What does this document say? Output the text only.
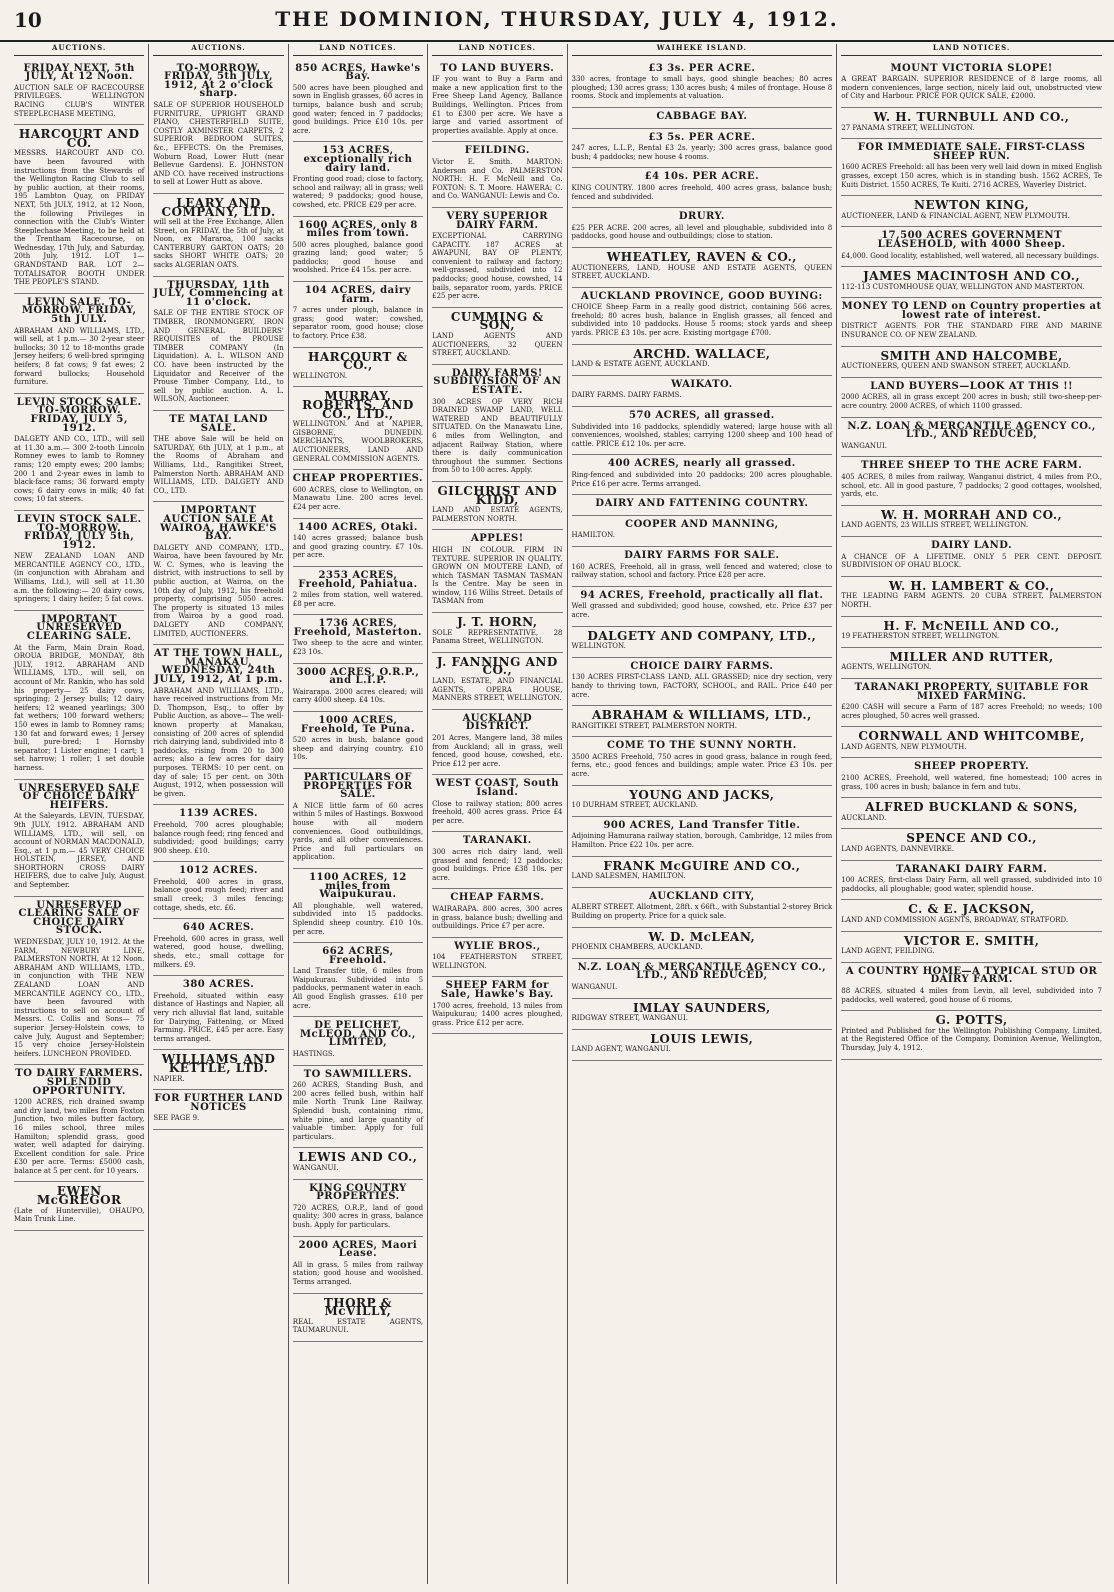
10	THE DOMINION, THURSDAY, JULY 4, 1912.
AUCTIONS.
FRIDAY NEXT, 5th JULY, At 12 Noon.

AUCTION SALE OF RACECOURSE PRIVILEGES. WELLINGTON RACING CLUB'S WINTER STEEPLECHASE MEETING.

HARCOURT AND CO.

MESSRS. HARCOURT AND CO. have been favoured with instructions from the Stewards of the Wellington Racing Club to sell by public auction, at their rooms, 195 Lambton Quay, on FRIDAY NEXT, 5th JULY, 1912, at 12 Noon, the following Privileges in connection with the Club's Winter Steeplechase Meeting, to be held at the Trentham Racecourse, on Wednesday, 17th July, and Saturday, 20th July, 1912. LOT 1—GRANDSTAND BAR. LOT 2—TOTALISATOR BOOTH UNDER THE PEOPLE'S STAND.

LEVIN SALE. TO-MORROW. FRIDAY, 5th JULY.

ABRAHAM AND WILLIAMS, LTD., will sell, at 1 p.m.— 30 2-year steer bullocks; 30 12 to 18-months grade Jersey heifers; 6 well-bred springing heifers; 8 fat cows; 9 fat ewes; 2 forward bullocks; Household furniture.

LEVIN STOCK SALE. TO-MORROW. FRIDAY, JULY 5, 1912.

DALGETY AND CO., LTD., will sell at 11.30 a.m.— 300 2-tooth Lincoln Romney ewes to lamb to Romney rams; 120 empty ewes; 200 lambs; 200 1 and 2-year ewes in lamb to black-face rams; 36 forward empty cows; 6 dairy cows in milk; 40 fat cows; 10 fat steers.

LEVIN STOCK SALE. TO-MORROW. FRIDAY, JULY 5th, 1912.

NEW ZEALAND LOAN AND MERCANTILE AGENCY CO., LTD., (in conjunction with Abraham and Williams, Ltd.), will sell at 11.30 a.m. the following:— 20 dairy cows, springers; 1 dairy heifer; 5 fat cows.

IMPORTANT UNRESERVED CLEARING SALE.

At the Farm, Main Drain Road, OROUA BRIDGE, MONDAY, 8th JULY, 1912. ABRAHAM AND WILLIAMS, LTD., will sell, on account of Mr. Rankin, who has sold his property— 25 dairy cows, springing; 2 Jersey bulls; 12 dairy heifers; 12 weaned yearlings; 300 fat wethers; 100 forward wethers; 150 ewes in lamb to Romney rams; 130 fat and forward ewes; 1 Jersey bull, pure-bred; 1 Hornsby separator; 1 Lister engine; 1 cart; 1 set harrow; 1 roller; 1 set double harness.

UNRESERVED SALE OF CHOICE DAIRY HEIFERS.

At the Saleyards, LEVIN, TUESDAY, 9th JULY, 1912. ABRAHAM AND WILLIAMS, LTD., will sell, on account of NORMAN MACDONALD, Esq., at 1 p.m.— 45 VERY CHOICE HOLSTEIN, JERSEY, AND SHORTHORN CROSS DAIRY HEIFERS, due to calve July, August and September.

UNRESERVED CLEARING SALE OF CHOICE DAIRY STOCK.

WEDNESDAY, JULY 10, 1912. At the FARM, NEWBURY LINE, PALMERSTON NORTH, At 12 Noon. ABRAHAM AND WILLIAMS, LTD., in conjunction with THE NEW ZEALAND LOAN AND MERCANTILE AGENCY CO., LTD., have been favoured with instructions to sell on account of Messrs. C. Collis and Sons— 75 superior Jersey-Holstein cows, to calve July, August and September; 15 very choice Jersey-Holstein heifers. LUNCHEON PROVIDED.

TO DAIRY FARMERS. SPLENDID OPPORTUNITY.

1200 ACRES, rich drained swamp and dry land, two miles from Foxton Junction, two miles butter factory, 16 miles school, three miles Hamilton; splendid grass, good water, well adapted for dairying. Excellent condition for sale. Price £30 per acre. Terms: £5000 cash, balance at 5 per cent. for 10 years.

EWEN McGREGOR

(Late of Hunterville), OHAUPO, Main Trunk Line.

AUCTIONS.
TO-MORROW, FRIDAY, 5th JULY, 1912, At 2 o'clock sharp.

SALE OF SUPERIOR HOUSEHOLD FURNITURE, UPRIGHT GRAND PIANO, CHESTERFIELD SUITE, COSTLY AXMINSTER CARPETS, 2 SUPERIOR BEDROOM SUITES, &c., EFFECTS. On the Premises, Woburn Road, Lower Hutt (near Bellevue Gardens). E. JOHNSTON AND CO. have received instructions to sell at Lower Hutt as above.

LEARY AND COMPANY, LTD.

will sell at the Free Exchange, Allen Street, on FRIDAY, the 5th of July, at Noon, ex Mararoa, 100 sacks CANTERBURY GARTON OATS; 20 sacks SHORT WHITE OATS; 20 sacks ALGERIAN OATS.

THURSDAY, 11th JULY, Commencing at 11 o'clock.

SALE OF THE ENTIRE STOCK OF TIMBER, IRONMONGERY, IRON AND GENERAL BUILDERS' REQUISITES of the PROUSE TIMBER COMPANY (In Liquidation). A. L. WILSON AND CO. have been instructed by the Liquidator and Receiver of the Prouse Timber Company, Ltd., to sell by public auction. A. L. WILSON, Auctioneer.

TE MATAI LAND SALE.

THE above Sale will be held on SATURDAY, 6th JULY, at 1 p.m., at the Rooms of Abraham and Williams, Ltd., Rangitikei Street, Palmerston North. ABRAHAM AND WILLIAMS, LTD. DALGETY AND CO., LTD.

IMPORTANT AUCTION SALE At WAIROA, HAWKE'S BAY.

DALGETY AND COMPANY, LTD., Wairoa, have been favoured by Mr. W. C. Symes, who is leaving the district, with instructions to sell by public auction, at Wairoa, on the 10th day of July, 1912, his freehold property, comprising 5050 acres. The property is situated 13 miles from Wairoa by a good road. DALGETY AND COMPANY, LIMITED, AUCTIONEERS.

AT THE TOWN HALL, MANAKAU, WEDNESDAY, 24th JULY, 1912, At 1 p.m.

ABRAHAM AND WILLIAMS, LTD., have received instructions from Mr. D. Thompson, Esq., to offer by Public Auction, as above— The well-known property at Manakau, consisting of 200 acres of splendid rich dairying land, subdivided into 8 paddocks, rising from 20 to 300 acres; also a few acres for dairy purposes. TERMS: 10 per cent. on day of sale; 15 per cent. on 30th August, 1912, when possession will be given.

1139 ACRES.

Freehold, 700 acres ploughable; balance rough feed; ring fenced and subdivided; good buildings; carry 900 sheep. £10.

1012 ACRES.

Freehold, 400 acres in grass, balance good rough feed; river and small creek; 3 miles fencing; cottage, sheds, etc. £6.

640 ACRES.

Freehold, 600 acres in grass, well watered, good house, dwelling, sheds, etc.; small cottage for milkers. £9.

380 ACRES.

Freehold, situated within easy distance of Hastings and Napier, all very rich alluvial flat land, suitable for Dairying, Fattening, or Mixed Farming. PRICE, £45 per acre. Easy terms arranged.

WILLIAMS AND KETTLE, LTD.

NAPIER.

FOR FURTHER LAND NOTICES

SEE PAGE 9.

LAND NOTICES.
850 ACRES, Hawke's Bay.

500 acres have been ploughed and sown in English grasses, 60 acres in turnips, balance bush and scrub; good water; fenced in 7 paddocks; good buildings. Price £10 10s. per acre.

153 ACRES, exceptionally rich dairy land.

Fronting good road; close to factory, school and railway; all in grass; well watered; 9 paddocks; good house, cowshed, etc. PRICE £29 per acre.

1600 ACRES, only 8 miles from town.

500 acres ploughed, balance good grazing land; good water; 5 paddocks; good house and woolshed. Price £4 15s. per acre.

104 ACRES, dairy farm.

7 acres under plough, balance in grass; good water; cowshed, separator room, good house; close to factory. Price £38.

HARCOURT & CO.,

WELLINGTON.

MURRAY, ROBERTS, AND CO., LTD.,

WELLINGTON. And at NAPIER, GISBORNE, DUNEDIN. MERCHANTS, WOOLBROKERS, AUCTIONEERS, LAND AND GENERAL COMMISSION AGENTS.

CHEAP PROPERTIES.

600 ACRES, close to Wellington, on Manawatu Line. 200 acres level. £24 per acre.

1400 ACRES, Otaki.

140 acres grassed; balance bush and good grazing country. £7 10s. per acre.

2353 ACRES, Freehold, Pahiatua.

2 miles from station, well watered. £8 per acre.

1736 ACRES, Freehold, Masterton.

Two sheep to the acre and winter. £23 10s.

3000 ACRES, O.R.P., and L.I.P.

Wairarapa. 2000 acres cleared; will carry 4000 sheep. £4 10s.

1000 ACRES, Freehold, Te Puna.

520 acres in bush, balance good sheep and dairying country. £10 10s.

PARTICULARS OF PROPERTIES FOR SALE.

A NICE little farm of 60 acres within 5 miles of Hastings. Boxwood house with all modern conveniences. Good outbuildings, yards, and all other conveniences. Price and full particulars on application.

1100 ACRES, 12 miles from Waipukurau.

All ploughable, well watered, subdivided into 15 paddocks. Splendid sheep country. £10 10s. per acre.

662 ACRES, Freehold.

Land Transfer title, 6 miles from Waipukurau. Subdivided into 5 paddocks, permanent water in each. All good English grasses. £10 per acre.

DE PELICHET, McLEOD, AND CO., LIMITED,

HASTINGS.

TO SAWMILLERS.

260 ACRES, Standing Bush, and 200 acres felled bush, within half mile North Trunk Line Railway. Splendid bush, containing rimu, white pine, and large quantity of valuable timber. Apply for full particulars.

LEWIS AND CO.,

WANGANUI.

KING COUNTRY PROPERTIES.

720 ACRES, O.R.P., land of good quality; 300 acres in grass, balance bush. Apply for particulars.

2000 ACRES, Maori Lease.

All in grass, 5 miles from railway station; good house and woolshed. Terms arranged.

THORP & McVILLY,

REAL ESTATE AGENTS, TAUMARUNUI.

LAND NOTICES.
TO LAND BUYERS.

IF you want to Buy a Farm and make a new application first to the Free Sheep Land Agency, Ballance Buildings, Wellington. Prices from £1 to £300 per acre. We have a large and varied assortment of properties available. Apply at once.

FEILDING.

Victor E. Smith. MARTON: Anderson and Co. PALMERSTON NORTH: H. F. McNeill and Co. FOXTON: S. T. Moore. HAWERA: C. and Co. WANGANUI: Lewis and Co.

VERY SUPERIOR DAIRY FARM.

EXCEPTIONAL CARRYING CAPACITY. 187 ACRES at AWAPUNI, BAY OF PLENTY, convenient to railway and factory; well-grassed, subdivided into 12 paddocks; good house, cowshed, 14 bails, separator room, yards. PRICE £25 per acre.

CUMMING & SON,

LAND AGENTS AND AUCTIONEERS, 32 QUEEN STREET, AUCKLAND.

DAIRY FARMS! SUBDIVISION OF AN ESTATE.

300 ACRES OF VERY RICH DRAINED SWAMP LAND, WELL WATERED AND BEAUTIFULLY SITUATED. On the Manawatu Line, 6 miles from Wellington, and adjacent Railway Station, where there is daily communication throughout the summer. Sections from 50 to 100 acres. Apply.

GILCHRIST AND KIDD,

LAND AND ESTATE AGENTS, PALMERSTON NORTH.

APPLES!

HIGH IN COLOUR. FIRM IN TEXTURE. SUPERIOR IN QUALITY. GROWN ON MOUTERE LAND, of which TASMAN TASMAN TASMAN Is the Centre. May be seen in window, 116 Willis Street. Details of TASMAN from

J. T. HORN,

SOLE REPRESENTATIVE, 28 Panama Street, WELLINGTON.

J. FANNING AND CO.,

LAND, ESTATE, AND FINANCIAL AGENTS, OPERA HOUSE, MANNERS STREET, WELLINGTON.

AUCKLAND DISTRICT.

201 Acres, Mangere land, 38 miles from Auckland; all in grass, well fenced, good house, cowshed, etc. Price £12 per acre.

WEST COAST, South Island.

Close to railway station; 800 acres freehold, 400 acres grass. Price £4 per acre.

TARANAKI.

300 acres rich dairy land, well grassed and fenced; 12 paddocks; good buildings. Price £38 10s. per acre.

CHEAP FARMS.

WAIRARAPA. 800 acres, 300 acres in grass, balance bush; dwelling and outbuildings. Price £7 per acre.

WYLIE BROS.,

104 FEATHERSTON STREET, WELLINGTON.

SHEEP FARM for Sale, Hawke's Bay.

1700 acres, freehold, 13 miles from Waipukurau; 1400 acres ploughed, grass. Price £12 per acre.

WAIHEKE ISLAND.
£3 3s. PER ACRE.

330 acres, frontage to small bays, good shingle beaches; 80 acres ploughed; 130 acres grass; 130 acres bush; 4 miles of frontage. House 8 rooms. Stock and implements at valuation.

CABBAGE BAY.
£3 5s. PER ACRE.

247 acres, L.L.P., Rental £3 2s. yearly; 300 acres grass, balance good bush; 4 paddocks; new house 4 rooms.

£4 10s. PER ACRE.

KING COUNTRY. 1800 acres freehold, 400 acres grass, balance bush; fenced and subdivided.

DRURY.

£25 PER ACRE. 200 acres, all level and ploughable, subdivided into 8 paddocks, good house and outbuildings; close to station.

WHEATLEY, RAVEN & CO.,

AUCTIONEERS, LAND, HOUSE AND ESTATE AGENTS, QUEEN STREET, AUCKLAND.

AUCKLAND PROVINCE, GOOD BUYING:

CHOICE Sheep Farm in a really good district, containing 566 acres, freehold; 80 acres bush, balance in English grasses, all fenced and subdivided into 10 paddocks. House 5 rooms; stock yards and sheep yards. PRICE £3 10s. per acre. Existing mortgage £700.

ARCHD. WALLACE,

LAND & ESTATE AGENT, AUCKLAND.

WAIKATO.

DAIRY FARMS. DAIRY FARMS.

570 ACRES, all grassed.

Subdivided into 16 paddocks, splendidly watered; large house with all conveniences, woolshed, stables; carrying 1200 sheep and 100 head of cattle. PRICE £12 10s. per acre.

400 ACRES, nearly all grassed.

Ring-fenced and subdivided into 20 paddocks; 200 acres ploughable. Price £16 per acre. Terms arranged.

DAIRY AND FATTENING COUNTRY.
COOPER AND MANNING,

HAMILTON.

DAIRY FARMS FOR SALE.

160 ACRES, Freehold, all in grass, well fenced and watered; close to railway station, school and factory. Price £28 per acre.

94 ACRES, Freehold, practically all flat.

Well grassed and subdivided; good house, cowshed, etc. Price £37 per acre.

DALGETY AND COMPANY, LTD.,

WELLINGTON.

CHOICE DAIRY FARMS.

130 ACRES FIRST-CLASS LAND, ALL GRASSED; nice dry section, very handy to thriving town, FACTORY, SCHOOL, and RAIL. Price £40 per acre.

ABRAHAM & WILLIAMS, LTD.,

RANGITIKEI STREET, PALMERSTON NORTH.

COME TO THE SUNNY NORTH.

3500 ACRES Freehold, 750 acres in good grass, balance in rough feed, ferns, etc.; good fences and buildings; ample water. Price £3 10s. per acre.

YOUNG AND JACKS,

10 DURHAM STREET, AUCKLAND.

900 ACRES, Land Transfer Title.

Adjoining Hamurana railway station, borough, Cambridge, 12 miles from Hamilton. Price £22 10s. per acre.

FRANK McGUIRE AND CO.,

LAND SALESMEN, HAMILTON.

AUCKLAND CITY,

ALBERT STREET. Allotment, 28ft. x 66ft., with Substantial 2-storey Brick Building on property. Price for a quick sale.

W. D. McLEAN,

PHOENIX CHAMBERS, AUCKLAND.

N.Z. LOAN & MERCANTILE AGENCY CO., LTD., AND REDUCED,

WANGANUI.

IMLAY SAUNDERS,

RIDGWAY STREET, WANGANUI.

LOUIS LEWIS,

LAND AGENT, WANGANUI.

LAND NOTICES.
MOUNT VICTORIA SLOPE!

A GREAT BARGAIN. SUPERIOR RESIDENCE of 8 large rooms, all modern conveniences, large section, nicely laid out, unobstructed view of City and Harbour. PRICE FOR QUICK SALE, £2000.

W. H. TURNBULL AND CO.,

27 PANAMA STREET, WELLINGTON.

FOR IMMEDIATE SALE. FIRST-CLASS SHEEP RUN.

1600 ACRES Freehold: all has been very well laid down in mixed English grasses, except 150 acres, which is in standing bush. 1562 ACRES, Te Kuiti District. 1550 ACRES, Te Kuiti. 2716 ACRES, Waverley District.

NEWTON KING,

AUCTIONEER, LAND & FINANCIAL AGENT, NEW PLYMOUTH.

17,500 ACRES GOVERNMENT LEASEHOLD, with 4000 Sheep.

£4,000. Good locality, established, well watered, all necessary buildings.

JAMES MACINTOSH AND CO.,

112-113 CUSTOMHOUSE QUAY, WELLINGTON AND MASTERTON.

MONEY TO LEND on Country properties at lowest rate of interest.

DISTRICT AGENTS FOR THE STANDARD FIRE AND MARINE INSURANCE CO. OF NEW ZEALAND.

SMITH AND HALCOMBE,

AUCTIONEERS, QUEEN AND SWANSON STREET, AUCKLAND.

LAND BUYERS—LOOK AT THIS !!

2000 ACRES, all in grass except 200 acres in bush; still two-sheep-per-acre country. 2000 ACRES, of which 1100 grassed.

N.Z. LOAN & MERCANTILE AGENCY CO., LTD., AND REDUCED,

WANGANUI.

THREE SHEEP TO THE ACRE FARM.

405 ACRES, 8 miles from railway, Wanganui district, 4 miles from P.O., school, etc. All in good pasture, 7 paddocks; 2 good cottages, woolshed, yards, etc.

W. H. MORRAH AND CO.,

LAND AGENTS, 23 WILLIS STREET, WELLINGTON.

DAIRY LAND.

A CHANCE OF A LIFETIME. ONLY 5 PER CENT. DEPOSIT. SUBDIVISION OF OHAU BLOCK.

W. H. LAMBERT & CO.,

THE LEADING FARM AGENTS. 20 CUBA STREET, PALMERSTON NORTH.

H. F. McNEILL AND CO.,

19 FEATHERSTON STREET, WELLINGTON.

MILLER AND RUTTER,

AGENTS, WELLINGTON.

TARANAKI PROPERTY, SUITABLE FOR MIXED FARMING.

£200 CASH will secure a Farm of 187 acres Freehold; no weeds; 100 acres ploughed, 50 acres well grassed.

CORNWALL AND WHITCOMBE,

LAND AGENTS, NEW PLYMOUTH.

SHEEP PROPERTY.

2100 ACRES, Freehold, well watered, fine homestead; 100 acres in grass, 100 acres in bush; balance in fern and tutu.

ALFRED BUCKLAND & SONS,

AUCKLAND.

SPENCE AND CO.,

LAND AGENTS, DANNEVIRKE.

TARANAKI DAIRY FARM.

100 ACRES, first-class Dairy Farm, all well grassed, subdivided into 10 paddocks, all ploughable; good water, splendid house.

C. & E. JACKSON,

LAND AND COMMISSION AGENTS, BROADWAY, STRATFORD.

VICTOR E. SMITH,

LAND AGENT, FEILDING.

A COUNTRY HOME—A TYPICAL STUD OR DAIRY FARM.

88 ACRES, situated 4 miles from Levin, all level, subdivided into 7 paddocks, well watered, good house of 6 rooms.

G. POTTS,

Printed and Published for the Wellington Publishing Company, Limited, at the Registered Office of the Company, Dominion Avenue, Wellington, Thursday, July 4, 1912.
